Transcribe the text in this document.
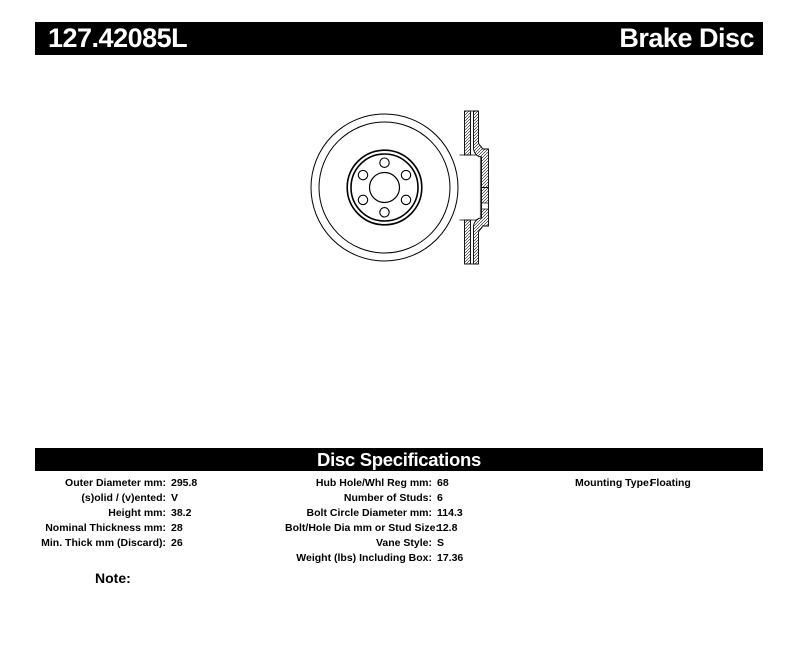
127.42085L	Brake Disc
Disc Specifications
Outer Diameter mm: 295.8
(s)olid / (v)ented: V
Height mm: 38.2
Nominal Thickness mm: 28
Min. Thick mm (Discard): 26
Hub Hole/Whl Reg mm: 68
Number of Studs: 6
Bolt Circle Diameter mm: 114.3
Bolt/Hole Dia mm or Stud Size:
12.8
Vane Style: S
Weight (lbs) Including Box: 17.36
Mounting Type:
Floating
Note:
